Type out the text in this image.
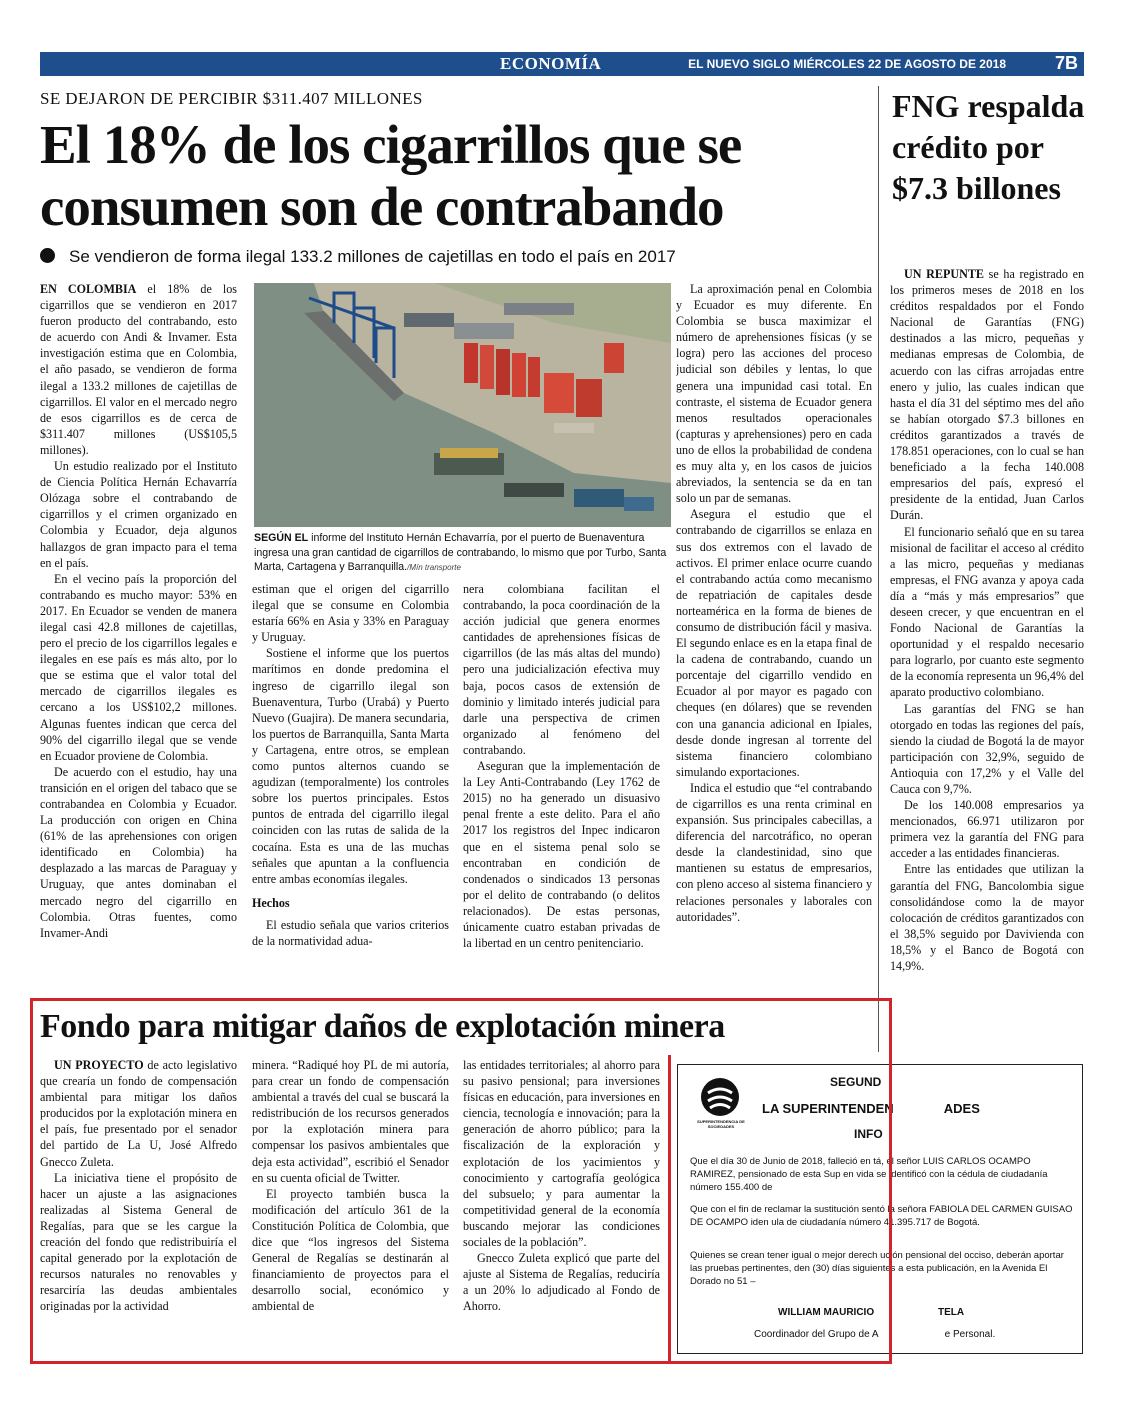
ECONOMÍA	EL NUEVO SIGLO MIÉRCOLES 22 DE AGOSTO DE 2018	7B
SE DEJARON DE PERCIBIR $311.407 MILLONES
El 18% de los cigarrillos que se consumen son de contrabando
Se vendieron de forma ilegal 133.2 millones de cajetillas en todo el país en 2017

EN COLOMBIA el 18% de los cigarrillos que se vendieron en 2017 fueron producto del contrabando, esto de acuerdo con Andi & Invamer. Esta investigación estima que en Colombia, el año pasado, se vendieron de forma ilegal a 133.2 millones de cajetillas de cigarrillos. El valor en el mercado negro de esos cigarrillos es de cerca de $311.407 millones (US$105,5 millones).

Un estudio realizado por el Instituto de Ciencia Política Hernán Echavarría Olózaga sobre el contrabando de cigarrillos y el crimen organizado en Colombia y Ecuador, deja algunos hallazgos de gran impacto para el tema en el país.

En el vecino país la proporción del contrabando es mucho mayor: 53% en 2017. En Ecuador se venden de manera ilegal casi 42.8 millones de cajetillas, pero el precio de los cigarrillos legales e ilegales en ese país es más alto, por lo que se estima que el valor total del mercado de cigarrillos ilegales es cercano a los US$102,2 millones. Algunas fuentes indican que cerca del 90% del cigarrillo ilegal que se vende en Ecuador proviene de Colombia.

De acuerdo con el estudio, hay una transición en el origen del tabaco que se contrabandea en Colombia y Ecuador. La producción con origen en China (61% de las aprehensiones con origen identificado en Colombia) ha desplazado a las marcas de Paraguay y Uruguay, que antes dominaban el mercado negro del cigarrillo en Colombia. Otras fuentes, como Invamer-Andi

SEGÚN EL informe del Instituto Hernán Echavarría, por el puerto de Buenaventura ingresa una gran cantidad de cigarrillos de contrabando, lo mismo que por Turbo, Santa Marta, Cartagena y Barranquilla./Mín transporte

estiman que el origen del cigarrillo ilegal que se consume en Colombia estaría 66% en Asia y 33% en Paraguay y Uruguay.

Sostiene el informe que los puertos marítimos en donde predomina el ingreso de cigarrillo ilegal son Buenaventura, Turbo (Urabá) y Puerto Nuevo (Guajira). De manera secundaria, los puertos de Barranquilla, Santa Marta y Cartagena, entre otros, se emplean como puntos alternos cuando se agudizan (temporalmente) los controles sobre los puertos principales. Estos puntos de entrada del cigarrillo ilegal coinciden con las rutas de salida de la cocaína. Esta es una de las muchas señales que apuntan a la confluencia entre ambas economías ilegales.

Hechos

El estudio señala que varios criterios de la normatividad adua-

nera colombiana facilitan el contrabando, la poca coordinación de la acción judicial que genera enormes cantidades de aprehensiones físicas de cigarrillos (de las más altas del mundo) pero una judicialización efectiva muy baja, pocos casos de extensión de dominio y limitado interés judicial para darle una perspectiva de crimen organizado al fenómeno del contrabando.

Aseguran que la implementación de la Ley Anti-Contrabando (Ley 1762 de 2015) no ha generado un disuasivo penal frente a este delito. Para el año 2017 los registros del Inpec indicaron que en el sistema penal solo se encontraban en condición de condenados o sindicados 13 personas por el delito de contrabando (o delitos relacionados). De estas personas, únicamente cuatro estaban privadas de la libertad en un centro penitenciario.

La aproximación penal en Colombia y Ecuador es muy diferente. En Colombia se busca maximizar el número de aprehensiones físicas (y se logra) pero las acciones del proceso judicial son débiles y lentas, lo que genera una impunidad casi total. En contraste, el sistema de Ecuador genera menos resultados operacionales (capturas y aprehensiones) pero en cada uno de ellos la probabilidad de condena es muy alta y, en los casos de juicios abreviados, la sentencia se da en tan solo un par de semanas.

Asegura el estudio que el contrabando de cigarrillos se enlaza en sus dos extremos con el lavado de activos. El primer enlace ocurre cuando el contrabando actúa como mecanismo de repatriación de capitales desde norteamérica en la forma de bienes de consumo de distribución fácil y masiva. El segundo enlace es en la etapa final de la cadena de contrabando, cuando un porcentaje del cigarrillo vendido en Ecuador al por mayor es pagado con cheques (en dólares) que se revenden con una ganancia adicional en Ipiales, desde donde ingresan al torrente del sistema financiero colombiano simulando exportaciones.

Indica el estudio que “el contrabando de cigarrillos es una renta criminal en expansión. Sus principales cabecillas, a diferencia del narcotráfico, no operan desde la clandestinidad, sino que mantienen su estatus de empresarios, con pleno acceso al sistema financiero y relaciones personales y laborales con autoridades”.

FNG respalda crédito por $7.3 billones

UN REPUNTE se ha registrado en los primeros meses de 2018 en los créditos respaldados por el Fondo Nacional de Garantías (FNG) destinados a las micro, pequeñas y medianas empresas de Colombia, de acuerdo con las cifras arrojadas entre enero y julio, las cuales indican que hasta el día 31 del séptimo mes del año se habían otorgado $7.3 billones en créditos garantizados a través de 178.851 operaciones, con lo cual se han beneficiado a la fecha 140.008 empresarios del país, expresó el presidente de la entidad, Juan Carlos Durán.

El funcionario señaló que en su tarea misional de facilitar el acceso al crédito a las micro, pequeñas y medianas empresas, el FNG avanza y apoya cada día a “más y más empresarios” que deseen crecer, y que encuentran en el Fondo Nacional de Garantías la oportunidad y el respaldo necesario para lograrlo, por cuanto este segmento de la economía representa un 96,4% del aparato productivo colombiano.

Las garantías del FNG se han otorgado en todas las regiones del país, siendo la ciudad de Bogotá la de mayor participación con 32,9%, seguido de Antioquia con 17,2% y el Valle del Cauca con 9,7%.

De los 140.008 empresarios ya mencionados, 66.971 utilizaron por primera vez la garantía del FNG para acceder a las entidades financieras.

Entre las entidades que utilizan la garantía del FNG, Bancolombia sigue consolidándose como la de mayor colocación de créditos garantizados con el 38,5% seguido por Davivienda con 18,5% y el Banco de Bogotá con 14,9%.

Fondo para mitigar daños de explotación minera

UN PROYECTO de acto legislativo que crearía un fondo de compensación ambiental para mitigar los daños producidos por la explotación minera en el país, fue presentado por el senador del partido de La U, José Alfredo Gnecco Zuleta.

La iniciativa tiene el propósito de hacer un ajuste a las asignaciones realizadas al Sistema General de Regalías, para que se les cargue la creación del fondo que redistribuiría el capital generado por la explotación de recursos naturales no renovables y resarciría las deudas ambientales originadas por la actividad

minera. “Radiqué hoy PL de mi autoría, para crear un fondo de compensación ambiental a través del cual se buscará la redistribución de los recursos generados por la explotación minera para compensar los pasivos ambientales que deja esta actividad”, escribió el Senador en su cuenta oficial de Twitter.

El proyecto también busca la modificación del artículo 361 de la Constitución Política de Colombia, que dice que “los ingresos del Sistema General de Regalías se destinarán al financiamiento de proyectos para el desarrollo social, económico y ambiental de

las entidades territoriales; al ahorro para su pasivo pensional; para inversiones físicas en educación, para inversiones en ciencia, tecnología e innovación; para la generación de ahorro público; para la fiscalización de la exploración y explotación de los yacimientos y conocimiento y cartografía geológica del subsuelo; y para aumentar la competitividad general de la economía buscando mejorar las condiciones sociales de la población”.

Gnecco Zuleta explicó que parte del ajuste al Sistema de Regalías, reduciría a un 20% lo adjudicado al Fondo de Ahorro.

SUPERINTENDENCIA DE SOCIEDADES
SEGUND
LA SUPERINTENDEN              ADES
INFO
Que el día 30 de Junio de 2018, falleció en tá, el señor LUIS CARLOS OCAMPO RAMIREZ, pensionado de esta Sup en vida se identificó con la cédula de ciudadanía número 155.400 de
Que con el fin de reclamar la sustitución sentó la señora FABIOLA DEL CARMEN GUISAO DE OCAMPO iden ula de ciudadanía número 41.395.717 de Bogotá.
Quienes se crean tener igual o mejor derech ución pensional del occiso, deberán aportar las pruebas pertinentes, den (30) días siguientes a esta publicación, en la Avenida El Dorado no 51 –
WILLIAM MAURICIO                       TELA
Coordinador del Grupo de A                        e Personal.
